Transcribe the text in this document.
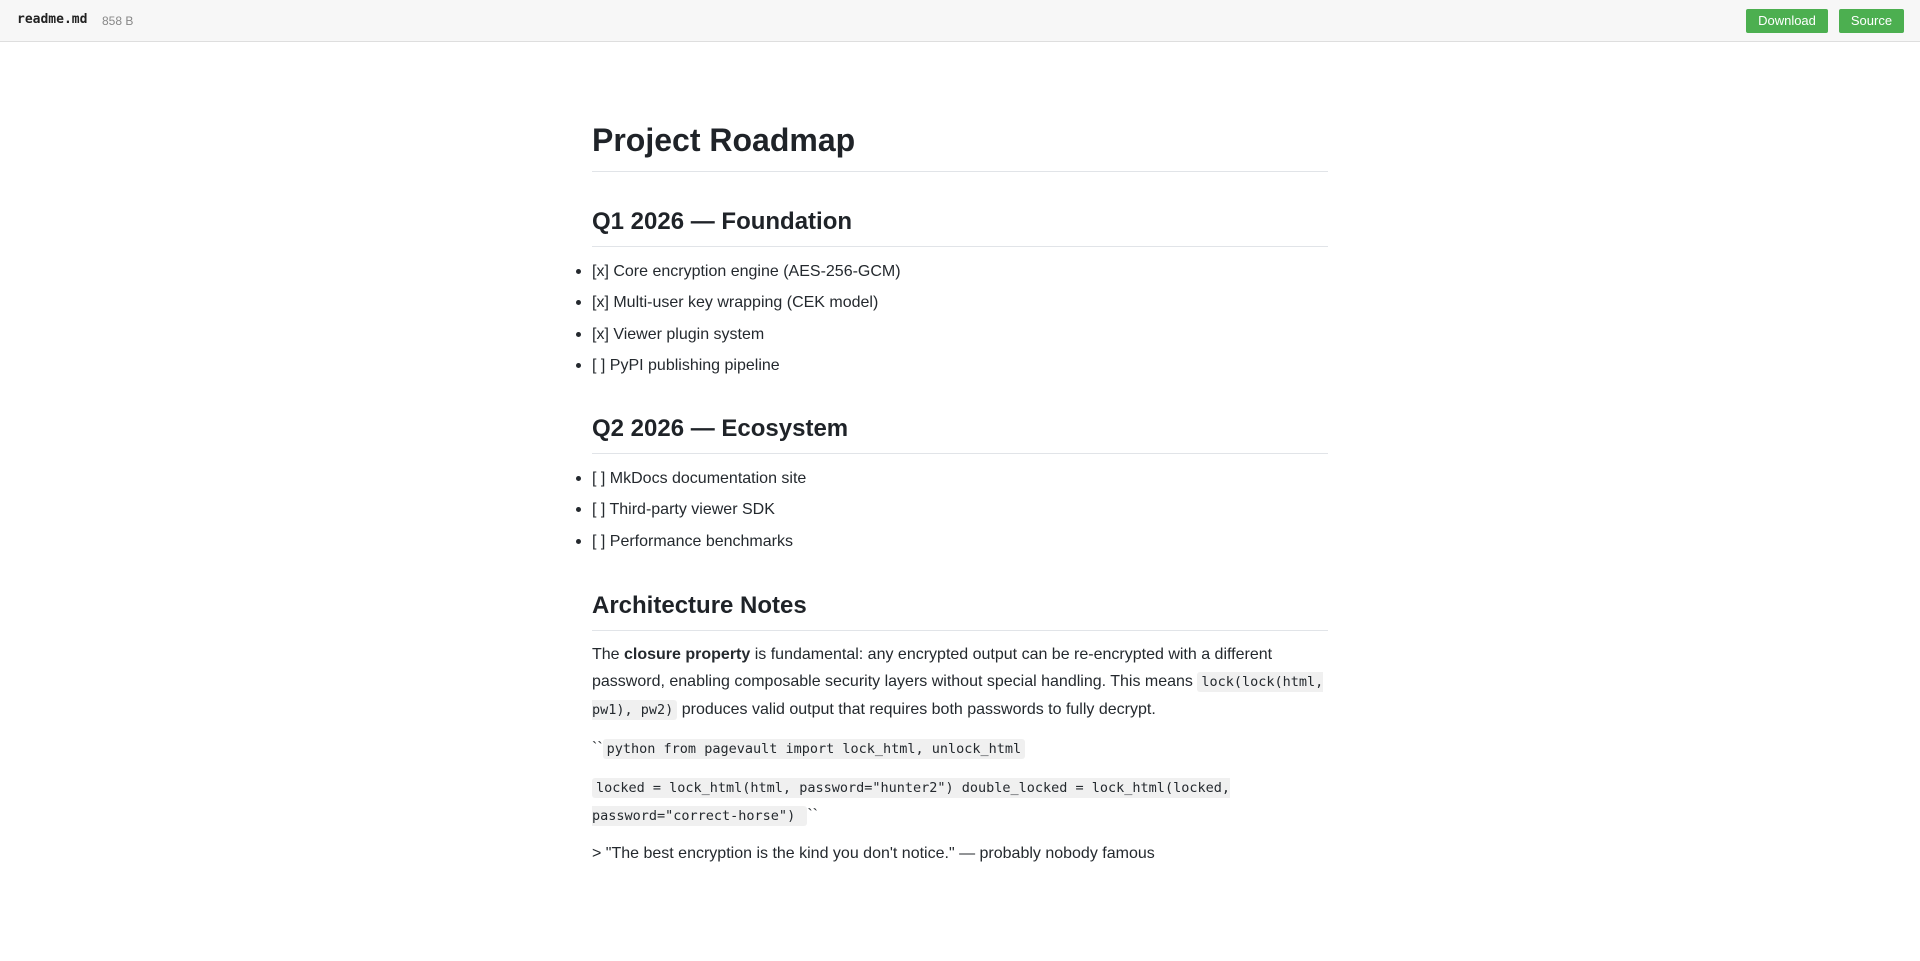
readme.md 858 B	Download	Source
Project Roadmap
Q1 2026 — Foundation
[x] Core encryption engine (AES-256-GCM)
[x] Multi-user key wrapping (CEK model)
[x] Viewer plugin system
[ ] PyPI publishing pipeline
Q2 2026 — Ecosystem
[ ] MkDocs documentation site
[ ] Third-party viewer SDK
[ ] Performance benchmarks
Architecture Notes

The closure property is fundamental: any encrypted output can be re-encrypted with a different password, enabling composable security layers without special handling. This means lock(lock(html, pw1), pw2) produces valid output that requires both passwords to fully decrypt.

`` python from pagevault import lock_html, unlock_html

locked = lock_html(html, password="hunter2") double_locked = lock_html(locked, password="correct-horse") ``

> "The best encryption is the kind you don't notice." — probably nobody famous
